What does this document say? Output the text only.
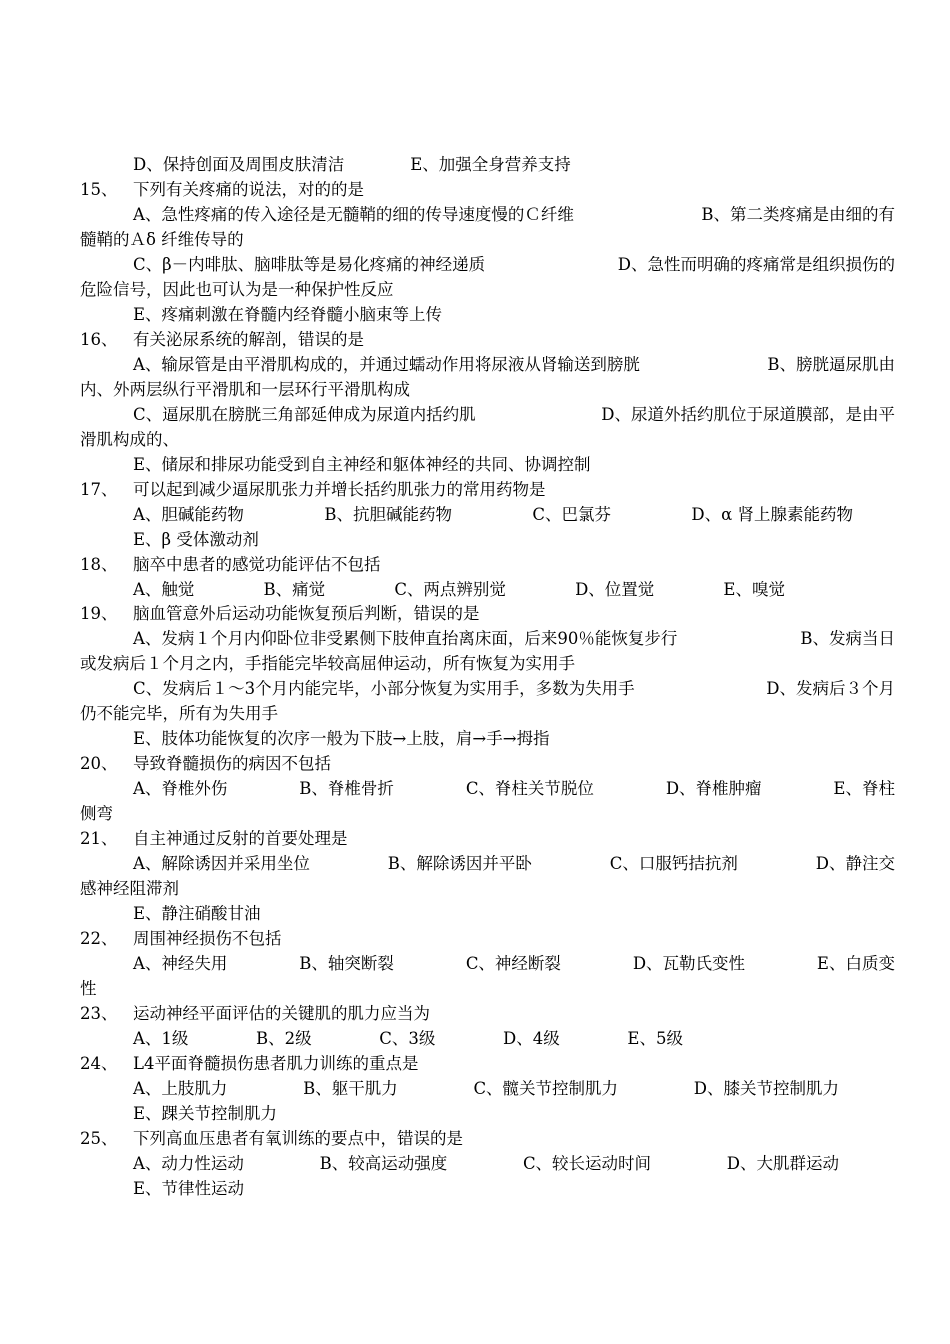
D、保持创面及周围皮肤清洁	E、加强全身营养支持
15、 下列有关疼痛的说法，对的的是
A、急性疼痛的传入途径是无髓鞘的细的传导速度慢的Ｃ纤维	B、第二类疼痛是由细的有
髓鞘的Ａδ 纤维传导的
C、β－内啡肽、脑啡肽等是易化疼痛的神经递质	D、急性而明确的疼痛常是组织损伤的
危险信号，因此也可认为是一种保护性反应
E、疼痛刺激在脊髓内经脊髓小脑束等上传
16、 有关泌尿系统的解剖，错误的是
A、输尿管是由平滑肌构成的，并通过蠕动作用将尿液从肾输送到膀胱	B、膀胱逼尿肌由
内、外两层纵行平滑肌和一层环行平滑肌构成
C、逼尿肌在膀胱三角部延伸成为尿道内括约肌	D、尿道外括约肌位于尿道膜部，是由平
滑肌构成的、
E、储尿和排尿功能受到自主神经和躯体神经的共同、协调控制
17、 可以起到减少逼尿肌张力并增长括约肌张力的常用药物是
A、胆碱能药物	B、抗胆碱能药物	C、巴氯芬	D、α 肾上腺素能药物
E、β 受体激动剂
18、 脑卒中患者的感觉功能评估不包括
A、触觉	B、痛觉	C、两点辨别觉	D、位置觉	E、嗅觉
19、 脑血管意外后运动功能恢复预后判断，错误的是
A、发病１个月内仰卧位非受累侧下肢伸直抬离床面，后来90％能恢复步行	B、发病当日
或发病后１个月之内，手指能完毕较高屈伸运动，所有恢复为实用手
C、发病后１～3个月内能完毕，小部分恢复为实用手，多数为失用手	D、发病后３个月
仍不能完毕，所有为失用手
E、肢体功能恢复的次序一般为下肢→上肢，肩→手→拇指
20、 导致脊髓损伤的病因不包括
A、脊椎外伤	B、脊椎骨折	C、脊柱关节脱位	D、脊椎肿瘤	E、脊柱
侧弯
21、 自主神通过反射的首要处理是
A、解除诱因并采用坐位	B、解除诱因并平卧	C、口服钙拮抗剂	D、静注交
感神经阻滞剂
E、静注硝酸甘油
22、 周围神经损伤不包括
A、神经失用	B、轴突断裂	C、神经断裂	D、瓦勒氏变性	E、白质变
性
23、 运动神经平面评估的关键肌的肌力应当为
A、1级	B、2级	C、3级	D、4级	E、5级
24、 L4平面脊髓损伤患者肌力训练的重点是
A、上肢肌力	B、躯干肌力	C、髋关节控制肌力	D、膝关节控制肌力
E、踝关节控制肌力
25、 下列高血压患者有氧训练的要点中，错误的是
A、动力性运动	B、较高运动强度	C、较长运动时间	D、大肌群运动
E、节律性运动
